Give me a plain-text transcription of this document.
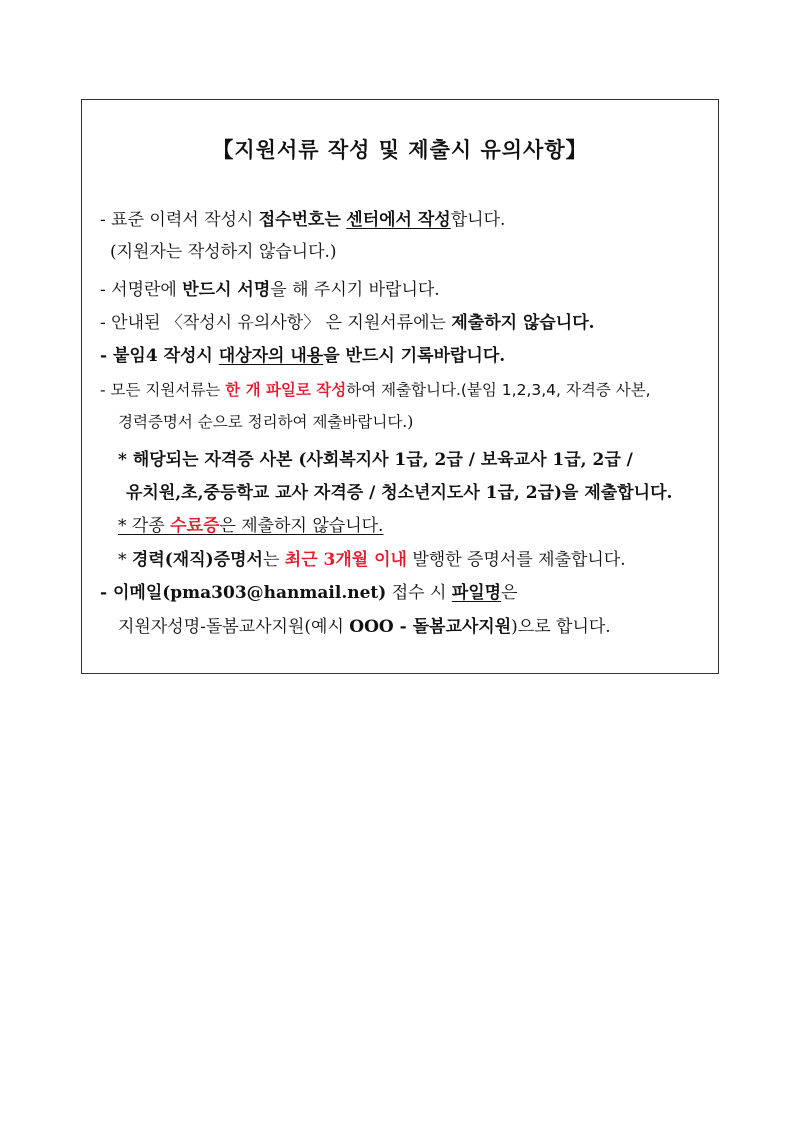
【지원서류 작성 및 제출시 유의사항】
- 표준 이력서 작성시 접수번호는 센터에서 작성합니다.
(지원자는 작성하지 않습니다.)
- 서명란에 반드시 서명을 해 주시기 바랍니다.
- 안내된 〈작성시 유의사항〉 은 지원서류에는 제출하지 않습니다.
- 붙임4 작성시 대상자의 내용을 반드시 기록바랍니다.
- 모든 지원서류는 한 개 파일로 작성하여 제출합니다.(붙임 1,2,3,4, 자격증 사본,
경력증명서 순으로 정리하여 제출바랍니다.)
* 해당되는 자격증 사본 (사회복지사 1급, 2급 / 보육교사 1급, 2급 /
유치원,초,중등학교 교사 자격증 / 청소년지도사 1급, 2급)을 제출합니다.
* 각종 수료증은 제출하지 않습니다.
* 경력(재직)증명서는 최근 3개월 이내 발행한 증명서를 제출합니다.
- 이메일(pma303@hanmail.net) 접수 시 파일명은
지원자성명-돌봄교사지원(예시 OOO - 돌봄교사지원)으로 합니다.
